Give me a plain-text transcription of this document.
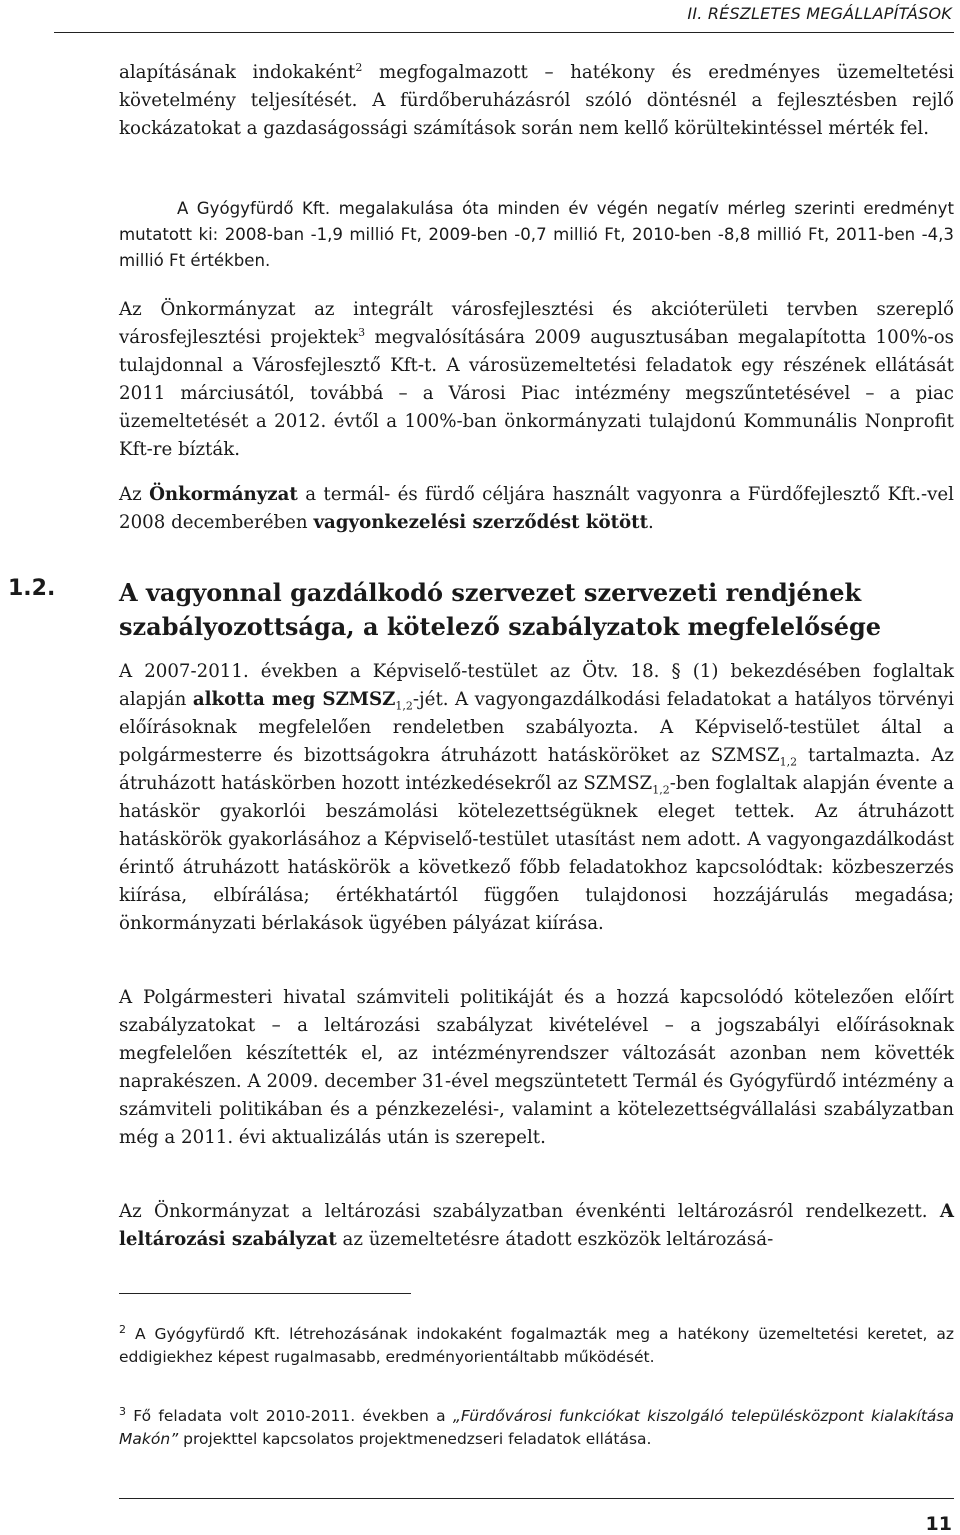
II. RÉSZLETES MEGÁLLAPÍTÁSOK

alapításának indokaként$^2$ megfogalmazott – hatékony és eredményes üzemeltetési követelmény teljesítését. A fürdőberuházásról szóló döntésnél a fejlesztésben rejlő kockázatokat a gazdaságossági számítások során nem kellő körültekintéssel mérték fel.

A Gyógyfürdő Kft. megalakulása óta minden év végén negatív mérleg szerinti eredményt mutatott ki: 2008-ban -1,9 millió Ft, 2009-ben -0,7 millió Ft, 2010-ben -8,8 millió Ft, 2011-ben -4,3 millió Ft értékben.

Az Önkormányzat az integrált városfejlesztési és akcióterületi tervben szereplő városfejlesztési projektek$^3$ megvalósítására 2009 augusztusában megalapította 100%-os tulajdonnal a Városfejlesztő Kft-t. A városüzemeltetési feladatok egy részének ellátását 2011 márciusától, továbbá – a Városi Piac intézmény megszűntetésével – a piac üzemeltetését a 2012. évtől a 100%-ban önkormányzati tulajdonú Kommunális Nonprofit Kft-re bízták.

Az Önkormányzat a termál- és fürdő céljára használt vagyonra a Fürdőfejlesztő Kft.-vel 2008 decemberében vagyonkezelési szerződést kötött.

1.2.	A vagyonnal gazdálkodó szervezet szervezeti rendjének szabályozottsága, a kötelező szabályzatok megfelelősége

A 2007-2011. években a Képviselő-testület az Ötv. 18. § (1) bekezdésében foglaltak alapján alkotta meg $SZMSZ_{1,2}$-jét. A vagyongazdálkodási feladatokat a hatályos törvényi előírásoknak megfelelően rendeletben szabályozta. A Képviselő-testület által a polgármesterre és bizottságokra átruházott hatásköröket az $SZMSZ_{1,2}$ tartalmazta. Az átruházott hatáskörben hozott intézkedésekről az $SZMSZ_{1,2}$-ben foglaltak alapján évente a hatáskör gyakorlói beszámolási kötelezettségüknek eleget tettek. Az átruházott hatáskörök gyakorlásához a Képviselő-testület utasítást nem adott. A vagyongazdálkodást érintő átruházott hatáskörök a következő főbb feladatokhoz kapcsolódtak: közbeszerzés kiírása, elbírálása; értékhatártól függően tulajdonosi hozzájárulás megadása; önkormányzati bérlakások ügyében pályázat kiírása.

A Polgármesteri hivatal számviteli politikáját és a hozzá kapcsolódó kötelezően előírt szabályzatokat – a leltározási szabályzat kivételével – a jogszabályi előírásoknak megfelelően készítették el, az intézményrendszer változását azonban nem követték naprakészen. A 2009. december 31-ével megszüntetett Termál és Gyógyfürdő intézmény a számviteli politikában és a pénzkezelési-, valamint a kötelezettségvállalási szabályzatban még a 2011. évi aktualizálás után is szerepelt.

Az Önkormányzat a leltározási szabályzatban évenkénti leltározásról rendelkezett. A leltározási szabályzat az üzemeltetésre átadott eszközök leltározásá-

$^2$ A Gyógyfürdő Kft. létrehozásának indokaként fogalmazták meg a hatékony üzemeltetési keretet, az eddigiekhez képest rugalmasabb, eredményorientáltabb működését.

$^3$ Fő feladata volt 2010-2011. években a „Fürdővárosi funkciókat kiszolgáló településközpont kialakítása Makón” projekttel kapcsolatos projektmenedzseri feladatok ellátása.

11
